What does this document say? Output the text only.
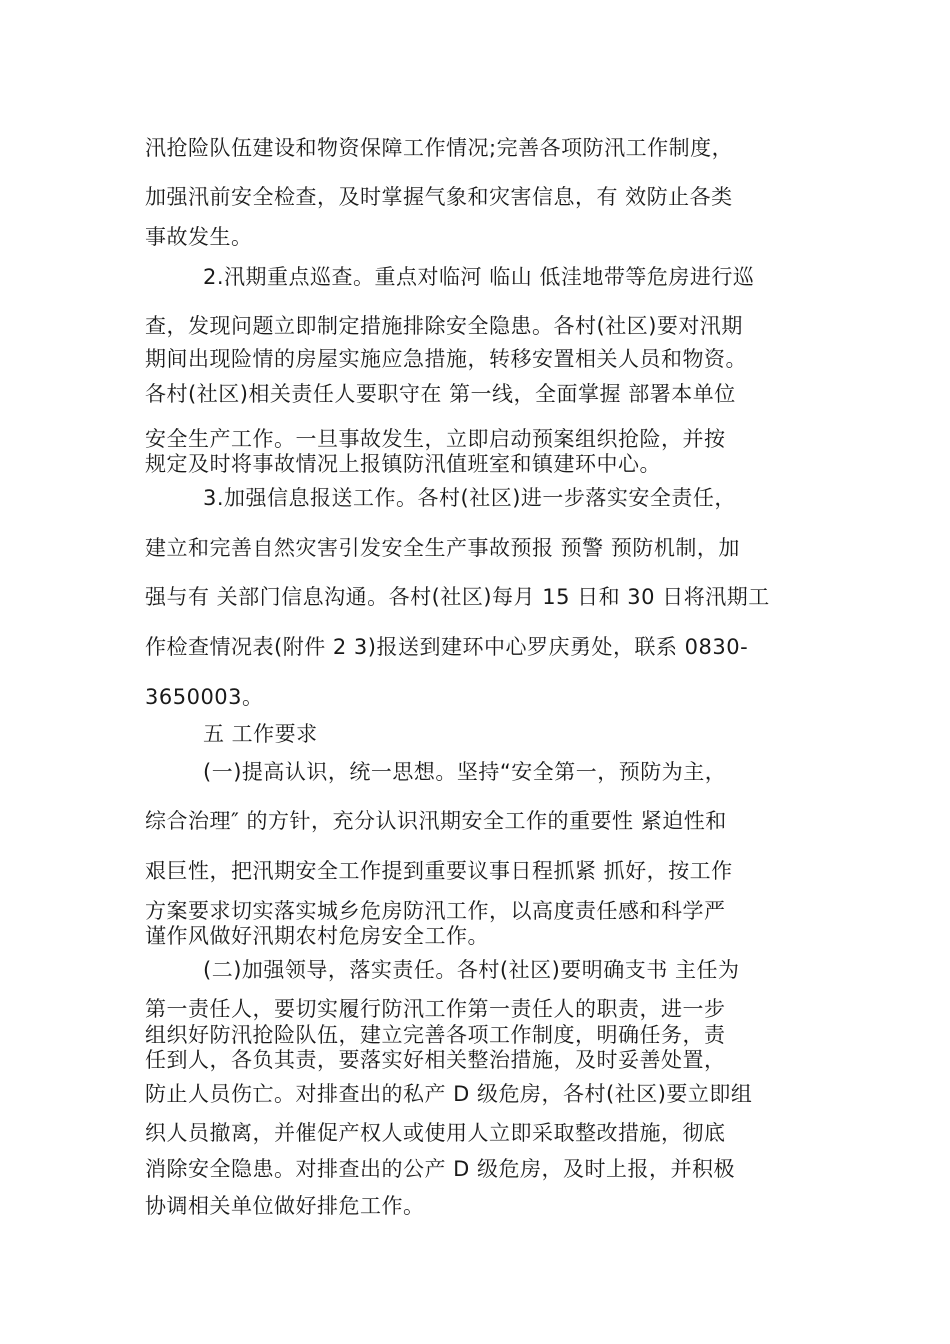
汛抢险队伍建设和物资保障工作情况;完善各项防汛工作制度，

加强汛前安全检查，及时掌握气象和灾害信息，有 效防止各类

事故发生。

2.汛期重点巡查。重点对临河 临山 低洼地带等危房进行巡

查，发现问题立即制定措施排除安全隐患。各村(社区)要对汛期

期间出现险情的房屋实施应急措施，转移安置相关人员和物资。

各村(社区)相关责任人要职守在 第一线，全面掌握 部署本单位

安全生产工作。一旦事故发生，立即启动预案组织抢险，并按

规定及时将事故情况上报镇防汛值班室和镇建环中心。

3.加强信息报送工作。各村(社区)进一步落实安全责任，

建立和完善自然灾害引发安全生产事故预报 预警 预防机制，加

强与有 关部门信息沟通。各村(社区)每月 15 日和 30 日将汛期工

作检查情况表(附件 2 3)报送到建环中心罗庆勇处，联系 0830-

3650003。

五 工作要求

(一)提高认识，统一思想。坚持“安全第一，预防为主，

综合治理″ 的方针，充分认识汛期安全工作的重要性 紧迫性和

艰巨性，把汛期安全工作提到重要议事日程抓紧 抓好，按工作

方案要求切实落实城乡危房防汛工作，以高度责任感和科学严

谨作风做好汛期农村危房安全工作。

(二)加强领导，落实责任。各村(社区)要明确支书 主任为

第一责任人，要切实履行防汛工作第一责任人的职责，进一步

组织好防汛抢险队伍，建立完善各项工作制度，明确任务，责

任到人，各负其责，要落实好相关整治措施，及时妥善处置，

防止人员伤亡。对排查出的私产 D 级危房，各村(社区)要立即组

织人员撤离，并催促产权人或使用人立即采取整改措施，彻底

消除安全隐患。对排查出的公产 D 级危房，及时上报，并积极

协调相关单位做好排危工作。
